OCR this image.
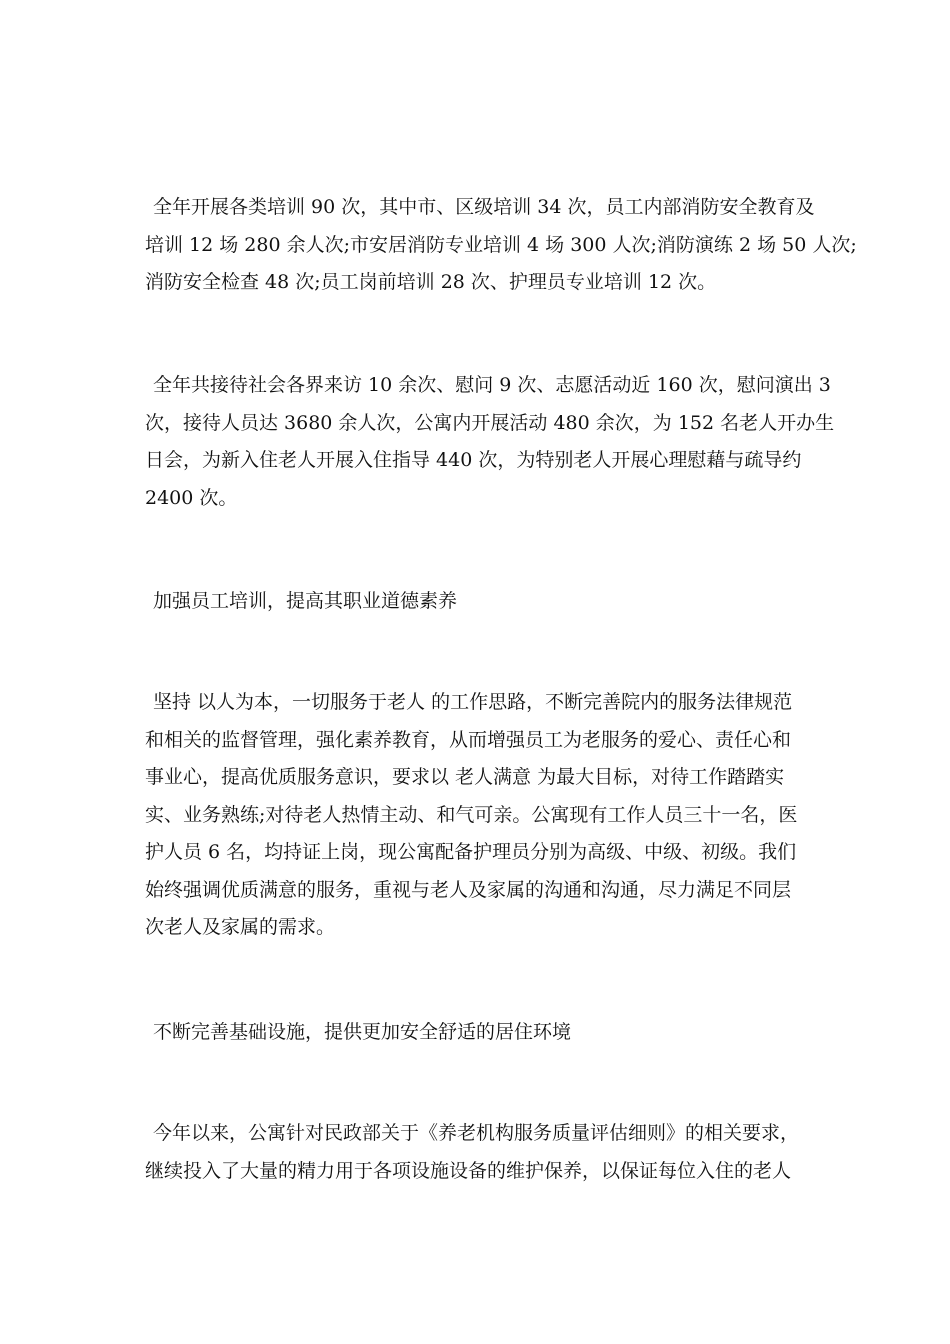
全年开展各类培训 90 次，其中市、区级培训 34 次，员工内部消防安全教育及
培训 12 场 280 余人次;市安居消防专业培训 4 场 300 人次;消防演练 2 场 50 人次;
消防安全检查 48 次;员工岗前培训 28 次、护理员专业培训 12 次。
全年共接待社会各界来访 10 余次、慰问 9 次、志愿活动近 160 次，慰问演出 3
次，接待人员达 3680 余人次，公寓内开展活动 480 余次，为 152 名老人开办生
日会，为新入住老人开展入住指导 440 次，为特别老人开展心理慰藉与疏导约
2400 次。
加强员工培训，提高其职业道德素养
坚持 以人为本，一切服务于老人 的工作思路，不断完善院内的服务法律规范
和相关的监督管理，强化素养教育，从而增强员工为老服务的爱心、责任心和
事业心，提高优质服务意识，要求以 老人满意 为最大目标，对待工作踏踏实
实、业务熟练;对待老人热情主动、和气可亲。公寓现有工作人员三十一名，医
护人员 6 名，均持证上岗，现公寓配备护理员分别为高级、中级、初级。我们
始终强调优质满意的服务，重视与老人及家属的沟通和沟通，尽力满足不同层
次老人及家属的需求。
不断完善基础设施，提供更加安全舒适的居住环境
今年以来，公寓针对民政部关于《养老机构服务质量评估细则》的相关要求，
继续投入了大量的精力用于各项设施设备的维护保养，以保证每位入住的老人
